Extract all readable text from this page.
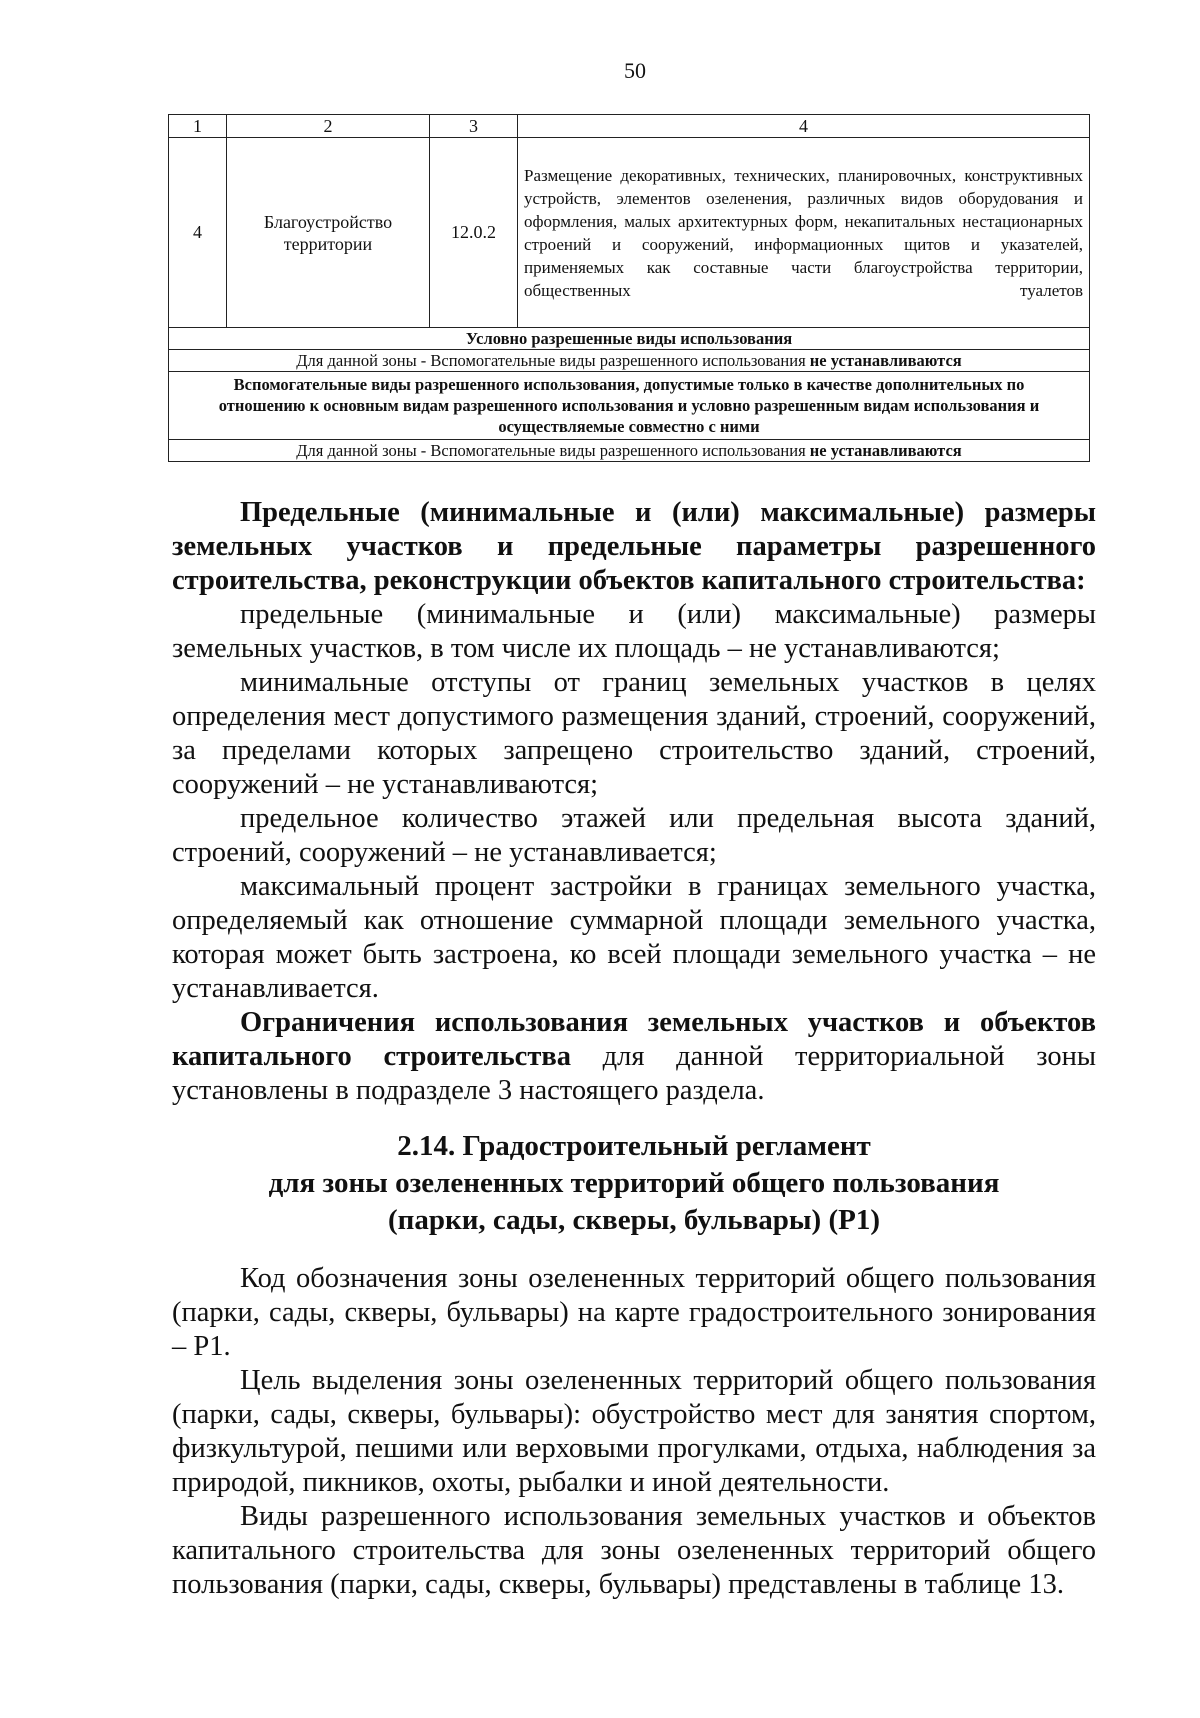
50
1	2	3	4
4	Благоустройство территории	12.0.2	Размещение декоративных, технических, планировочных, конструктивных устройств, элементов озеленения, различных видов оборудования и оформления, малых архитектурных форм, некапитальных нестационарных строений и сооружений, информационных щитов и указателей, применяемых как составные части благоустройства территории, общественных туалетов
Условно разрешенные виды использования			
Для данной зоны - Вспомогательные виды разрешенного использования не устанавливаются			
Вспомогательные виды разрешенного использования, допустимые только в качестве дополнительных по отношению к основным видам разрешенного использования и условно разрешенным видам использования и осуществляемые совместно с ними			
Для данной зоны - Вспомогательные виды разрешенного использования не устанавливаются			

Предельные (минимальные и (или) максимальные) размеры земельных участков и предельные параметры разрешенного строительства, реконструкции объектов капитального строительства:

предельные (минимальные и (или) максимальные) размеры земельных участков, в том числе их площадь – не устанавливаются;

минимальные отступы от границ земельных участков в целях определения мест допустимого размещения зданий, строений, сооружений, за пределами которых запрещено строительство зданий, строений, сооружений – не устанавливаются;

предельное количество этажей или предельная высота зданий, строений, сооружений – не устанавливается;

максимальный процент застройки в границах земельного участка, определяемый как отношение суммарной площади земельного участка, которая может быть застроена, ко всей площади земельного участка – не устанавливается.

Ограничения использования земельных участков и объектов капитального строительства для данной территориальной зоны установлены в подразделе 3 настоящего раздела.

2.14. Градостроительный регламент
для зоны озелененных территорий общего пользования
(парки, сады, скверы, бульвары) (Р1)

Код обозначения зоны озелененных территорий общего пользования (парки, сады, скверы, бульвары) на карте градостроительного зонирования – Р1.

Цель выделения зоны озелененных территорий общего пользования (парки, сады, скверы, бульвары): обустройство мест для занятия спортом, физкультурой, пешими или верховыми прогулками, отдыха, наблюдения за природой, пикников, охоты, рыбалки и иной деятельности.

Виды разрешенного использования земельных участков и объектов капитального строительства для зоны озелененных территорий общего пользования (парки, сады, скверы, бульвары) представлены в таблице 13.
